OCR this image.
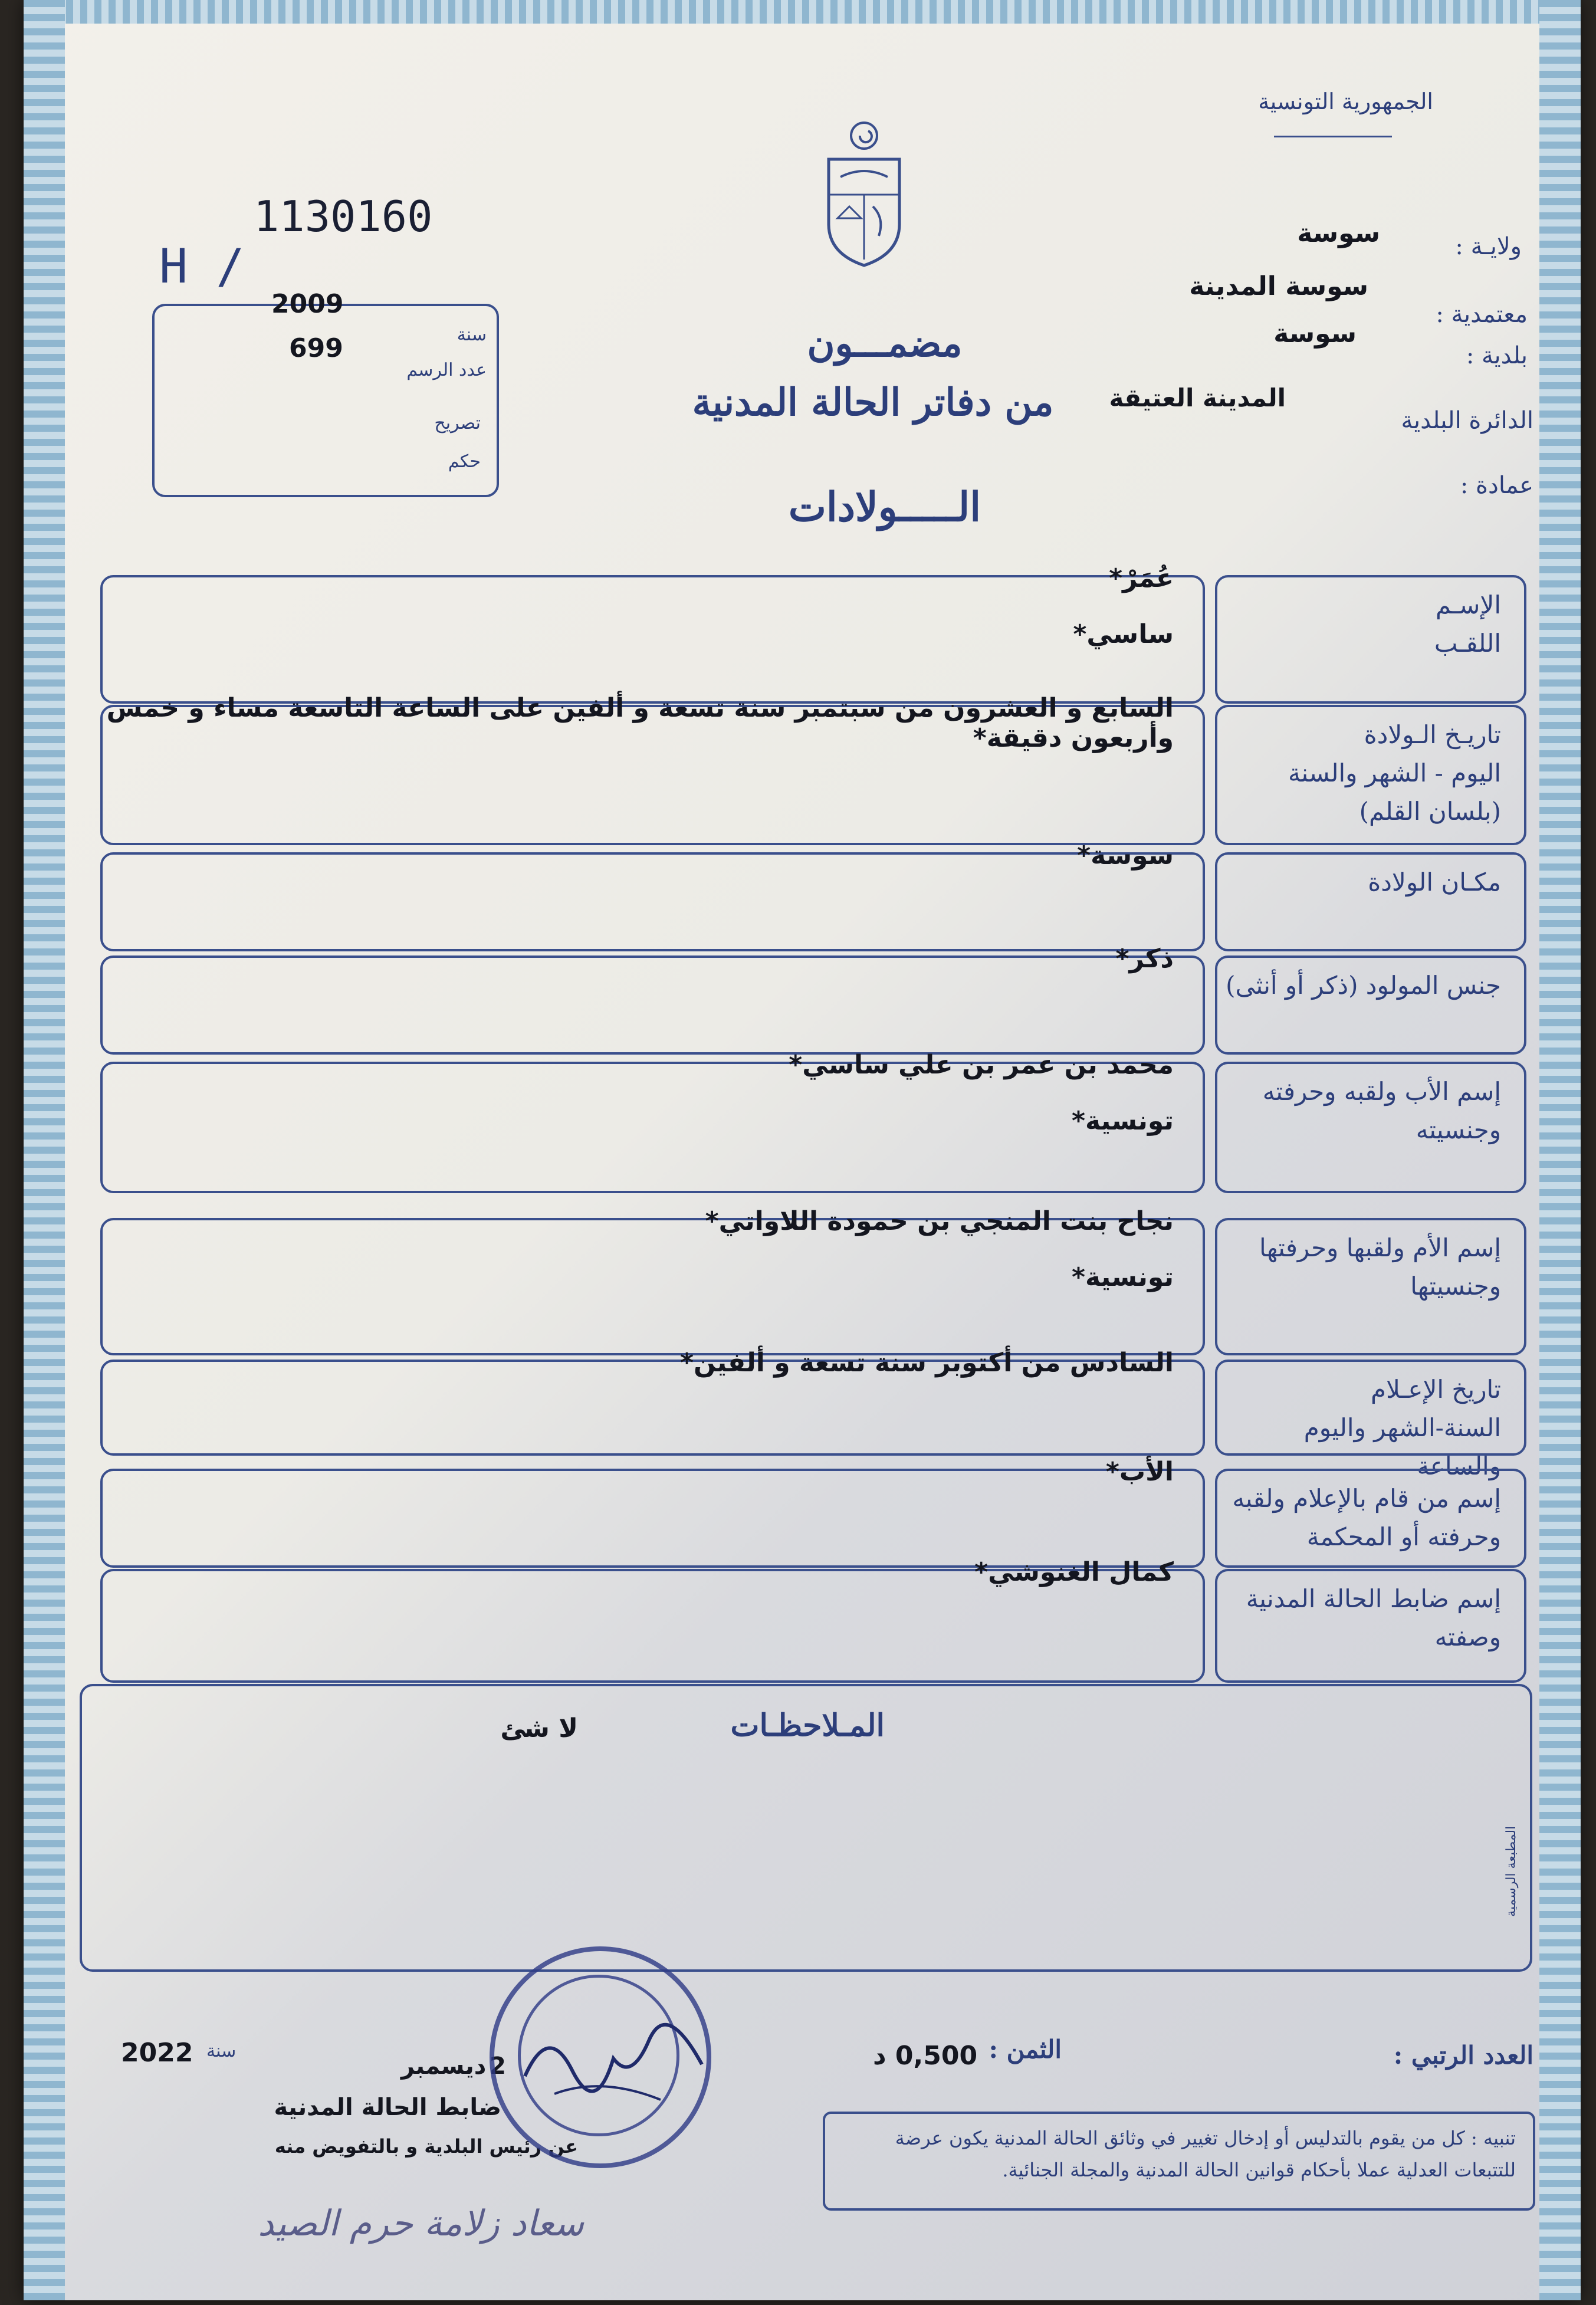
الجمهورية التونسية
1130160
H /
سنة
2009
عدد الرسم
699
تصريح
حكم
ولايـة :
سوسة
معتمدية :
سوسة المدينة
بلدية :
سوسة
الدائرة البلدية
المدينة العتيقة
عمادة :
مضمـــون
من دفاتر الحالة المدنية
الـــــولادات
الإسـم
اللقـب
عُمَرْ*
ساسي*
تاريـخ الـولادة
اليوم - الشهر والسنة
(بلسان القلم)
السابع و العشرون من سبتمبر سنة تسعة و ألفين على الساعة التاسعة مساء و خمس وأربعون دقيقة*
مكـان الولادة
سوسة*
جنس المولود (ذكر أو أنثى)
ذكر*
إسم الأب ولقبه وحرفته
وجنسيته
محمد بن عمر بن علي ساسي*
تونسية*
إسم الأم ولقبها وحرفتها
وجنسيتها
نجاح بنت المنجي بن حمودة اللاواتي*
تونسية*
تاريخ الإعـلام
السنة-الشهر واليوم والساعة
السادس من أكتوبر سنة تسعة و ألفين*
إسم من قام بالإعلام ولقبه
وحرفته أو المحكمة
الأب*
إسم ضابط الحالة المدنية
وصفته
كمال الغنوشي*
المـلاحظـات
لا شئ
العدد الرتبي :
الثمن :
0,500 د
2
ديسمبر
سنة
2022
ضابط الحالة المدنية
عن رئيس البلدية و بالتفويض منه
سعاد زلامة حرم الصيد
تنبيه : كل من يقوم بالتدليس أو إدخال تغيير في وثائق الحالة المدنية يكون عرضة للتتبعات العدلية عملا بأحكام قوانين الحالة المدنية والمجلة الجنائية.
المطبعة الرسمية
